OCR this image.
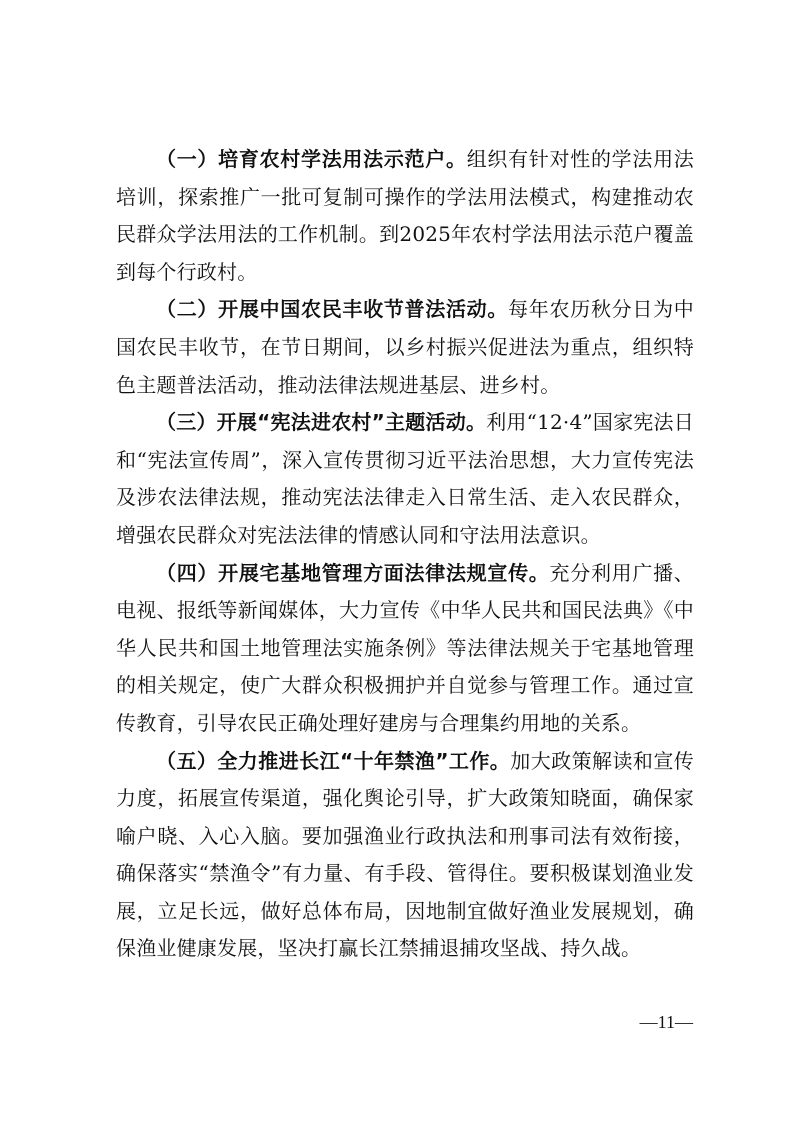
（一）培育农村学法用法示范户。组织有针对性的学法用法培训，探索推广一批可复制可操作的学法用法模式，构建推动农民群众学法用法的工作机制。到2025年农村学法用法示范户覆盖到每个行政村。

（二）开展中国农民丰收节普法活动。每年农历秋分日为中国农民丰收节，在节日期间，以乡村振兴促进法为重点，组织特色主题普法活动，推动法律法规进基层、进乡村。

（三）开展“宪法进农村”主题活动。利用“12·4”国家宪法日和“宪法宣传周”，深入宣传贯彻习近平法治思想，大力宣传宪法及涉农法律法规，推动宪法法律走入日常生活、走入农民群众，增强农民群众对宪法法律的情感认同和守法用法意识。

（四）开展宅基地管理方面法律法规宣传。充分利用广播、电视、报纸等新闻媒体，大力宣传《中华人民共和国民法典》《中华人民共和国土地管理法实施条例》等法律法规关于宅基地管理的相关规定，使广大群众积极拥护并自觉参与管理工作。通过宣传教育，引导农民正确处理好建房与合理集约用地的关系。

（五）全力推进长江“十年禁渔”工作。加大政策解读和宣传力度，拓展宣传渠道，强化舆论引导，扩大政策知晓面，确保家喻户晓、入心入脑。要加强渔业行政执法和刑事司法有效衔接，确保落实“禁渔令”有力量、有手段、管得住。要积极谋划渔业发展，立足长远，做好总体布局，因地制宜做好渔业发展规划，确保渔业健康发展，坚决打赢长江禁捕退捕攻坚战、持久战。

—11—
